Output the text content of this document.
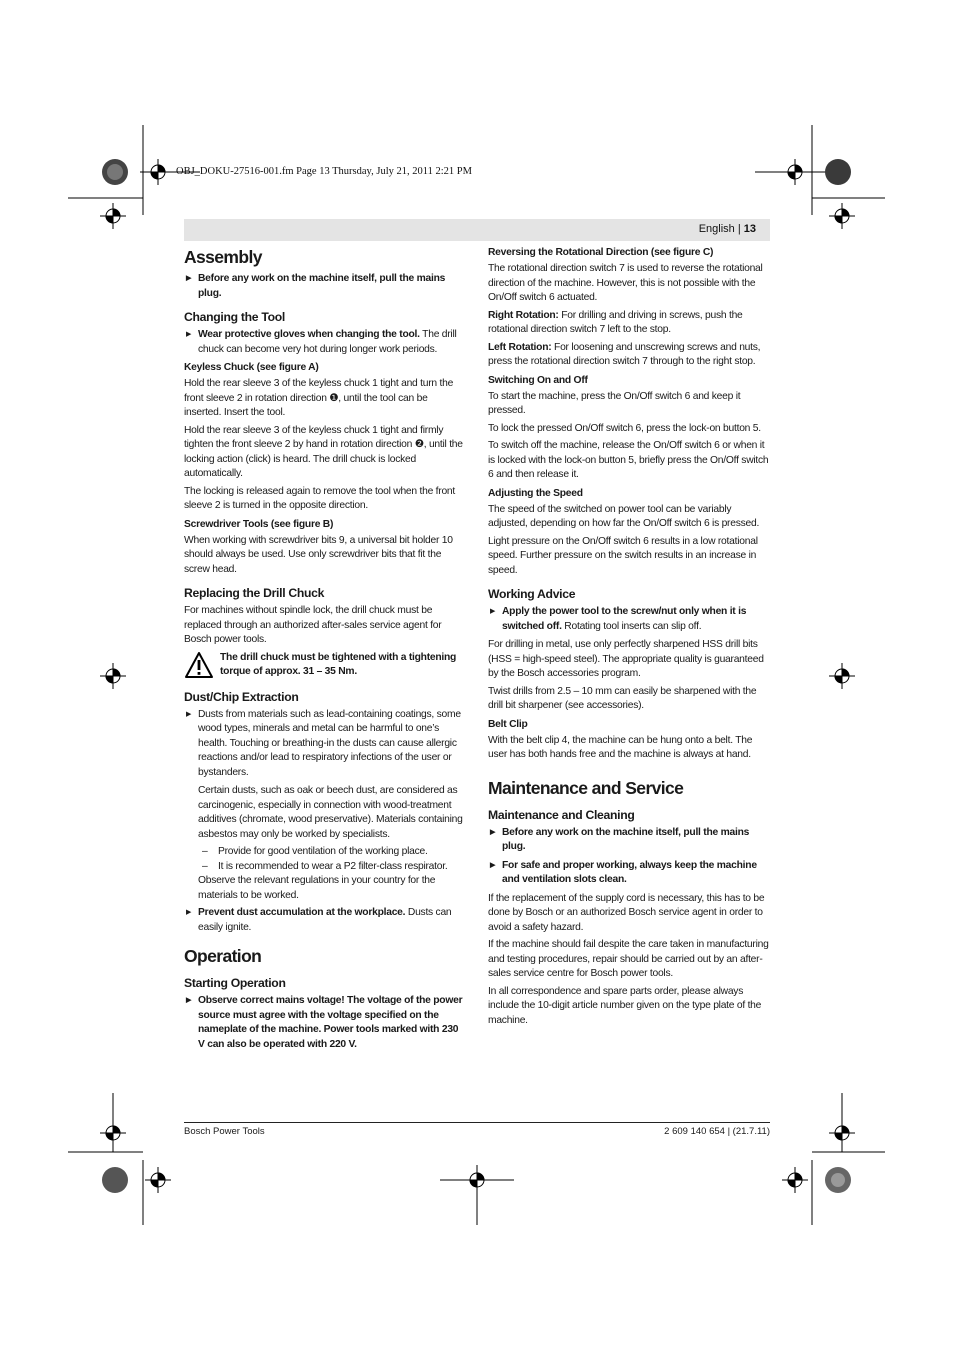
OBJ_DOKU-27516-001.fm Page 13 Thursday, July 21, 2011 2:21 PM
English | 13
Assembly
▶ Before any work on the machine itself, pull the mains plug.
Changing the Tool
▶ Wear protective gloves when changing the tool. The drill chuck can become very hot during longer work periods.
Keyless Chuck (see figure A)

Hold the rear sleeve 3 of the keyless chuck 1 tight and turn the front sleeve 2 in rotation direction ❶, until the tool can be inserted. Insert the tool.

Hold the rear sleeve 3 of the keyless chuck 1 tight and firmly tighten the front sleeve 2 by hand in rotation direction ❷, until the locking action (click) is heard. The drill chuck is locked automatically.

The locking is released again to remove the tool when the front sleeve 2 is turned in the opposite direction.

Screwdriver Tools (see figure B)

When working with screwdriver bits 9, a universal bit holder 10 should always be used. Use only screwdriver bits that fit the screw head.

Replacing the Drill Chuck

For machines without spindle lock, the drill chuck must be replaced through an authorized after-sales service agent for Bosch power tools.

The drill chuck must be tightened with a tightening torque of approx. 31 – 35 Nm.
Dust/Chip Extraction
▶ Dusts from materials such as lead-containing coatings, some wood types, minerals and metal can be harmful to one’s health. Touching or breathing-in the dusts can cause allergic reactions and/or lead to respiratory infections of the user or bystanders.

Certain dusts, such as oak or beech dust, are considered as carcinogenic, especially in connection with wood-treatment additives (chromate, wood preservative). Materials containing asbestos may only be worked by specialists.

– Provide for good ventilation of the working place.

– It is recommended to wear a P2 filter-class respirator.

Observe the relevant regulations in your country for the materials to be worked.

▶ Prevent dust accumulation at the workplace. Dusts can easily ignite.
Operation
Starting Operation
▶ Observe correct mains voltage! The voltage of the power source must agree with the voltage specified on the nameplate of the machine. Power tools marked with 230 V can also be operated with 220 V.
Reversing the Rotational Direction (see figure C)

The rotational direction switch 7 is used to reverse the rotational direction of the machine. However, this is not possible with the On/Off switch 6 actuated.

Right Rotation: For drilling and driving in screws, push the rotational direction switch 7 left to the stop.

Left Rotation: For loosening and unscrewing screws and nuts, press the rotational direction switch 7 through to the right stop.

Switching On and Off

To start the machine, press the On/Off switch 6 and keep it pressed.

To lock the pressed On/Off switch 6, press the lock-on button 5.

To switch off the machine, release the On/Off switch 6 or when it is locked with the lock-on button 5, briefly press the On/Off switch 6 and then release it.

Adjusting the Speed

The speed of the switched on power tool can be variably adjusted, depending on how far the On/Off switch 6 is pressed.

Light pressure on the On/Off switch 6 results in a low rotational speed. Further pressure on the switch results in an increase in speed.

Working Advice
▶ Apply the power tool to the screw/nut only when it is switched off. Rotating tool inserts can slip off.

For drilling in metal, use only perfectly sharpened HSS drill bits (HSS = high-speed steel). The appropriate quality is guaranteed by the Bosch accessories program.

Twist drills from 2.5 – 10 mm can easily be sharpened with the drill bit sharpener (see accessories).

Belt Clip

With the belt clip 4, the machine can be hung onto a belt. The user has both hands free and the machine is always at hand.

Maintenance and Service
Maintenance and Cleaning
▶ Before any work on the machine itself, pull the mains plug.
▶ For safe and proper working, always keep the machine and ventilation slots clean.

If the replacement of the supply cord is necessary, this has to be done by Bosch or an authorized Bosch service agent in order to avoid a safety hazard.

If the machine should fail despite the care taken in manufacturing and testing procedures, repair should be carried out by an after-sales service centre for Bosch power tools.

In all correspondence and spare parts order, please always include the 10-digit article number given on the type plate of the machine.

Bosch Power Tools	2 609 140 654 | (21.7.11)
